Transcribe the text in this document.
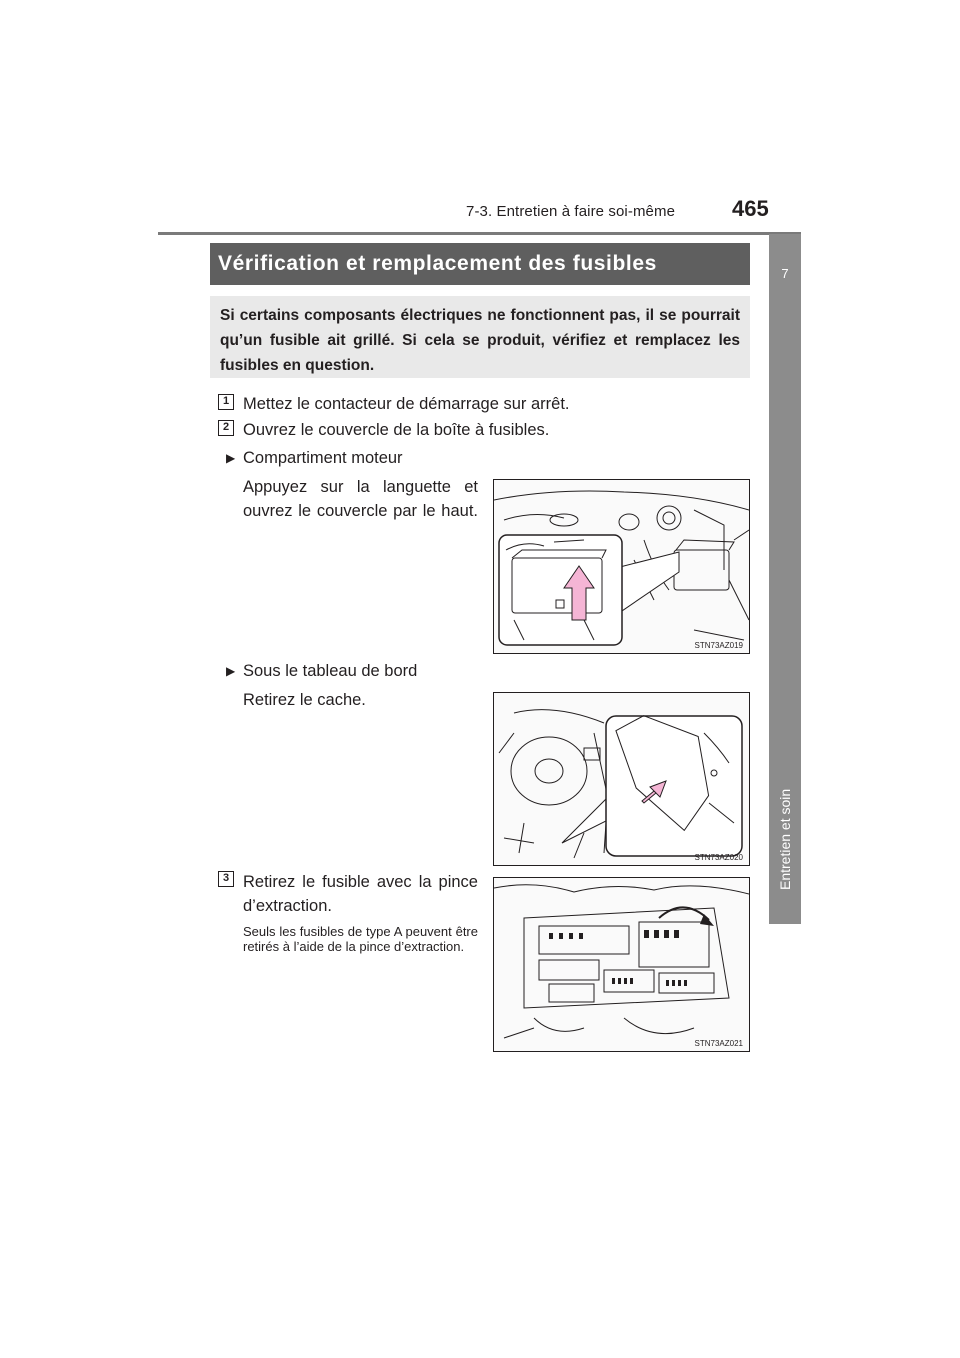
7-3. Entretien à faire soi-même	465
7
Entretien et soin
Vérification et remplacement des fusibles

Si certains composants électriques ne fonctionnent pas, il se pourrait qu’un fusible ait grillé. Si cela se produit, vérifiez et remplacez les fusibles en question.

1 Mettez le contacteur de démarrage sur arrêt.
2 Ouvrez le couvercle de la boîte à fusibles.
▶ Compartiment moteur
Appuyez sur la languette et ouvrez le couvercle par le haut.
STN73AZ019
▶ Sous le tableau de bord
Retirez le cache.
STN73AZ020
3 Retirez le fusible avec la pince d’extraction.
Seuls les fusibles de type A peuvent être retirés à l’aide de la pince d’extraction.
STN73AZ021
